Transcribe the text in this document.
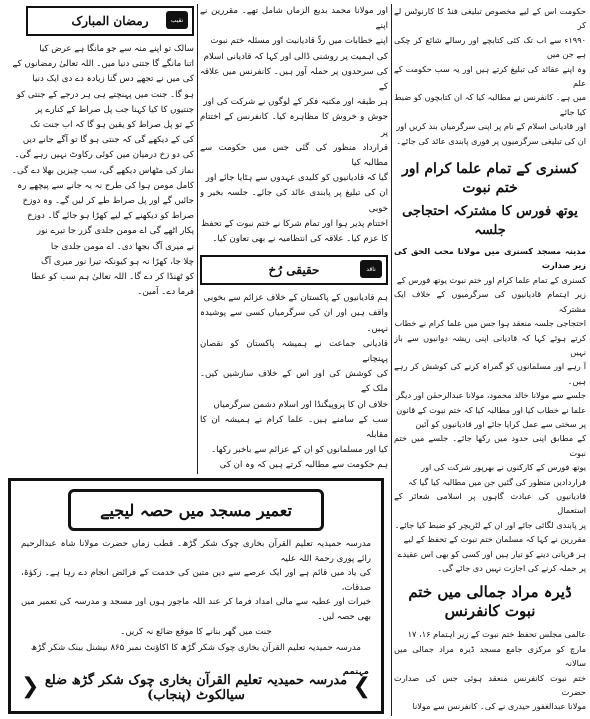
حکومت اس کے لیے مخصوص تبلیغی فنڈ کا کارنوٹس لے کر

۱۹۹۰ء سے اب تک کئی کتابچے اور رسالے شائع کر چکی ہے جن میں

وہ اپنے عقائد کی تبلیغ کرتے ہیں اور یہ سب حکومت کے علم

میں ہے۔ کانفرنس نے مطالبہ کیا کہ ان کتابچوں کو ضبط کیا جائے

اور قادیانی اسلام کے نام پر اپنی سرگرمیاں بند کریں اور

ان کی تبلیغی سرگرمیوں پر فوری پابندی عائد کی جائے۔

کسنری کے تمام علما کرام اور ختم نبوت
یوتھ فورس کا مشترکہ احتجاجی جلسہ

مدینہ مسجد کسنری میں مولانا محب الحق کی زیر صدارت

کسنری کے تمام علما کرام اور ختم نبوت یوتھ فورس کے

زیر اہتمام قادیانیوں کی سرگرمیوں کے خلاف ایک مشترکہ

احتجاجی جلسہ منعقد ہوا جس میں علما کرام نے خطاب

کرتے ہوئے کہا کہ قادیانی اپنی ریشہ دوانیوں سے باز نہیں

آ رہے اور مسلمانوں کو گمراہ کرنے کی کوشش کر رہے ہیں۔

جلسے سے مولانا خالد محمود، مولانا عبدالرحمٰن اور دیگر

علما نے خطاب کیا اور مطالبہ کیا کہ ختم نبوت کے قانون

پر سختی سے عمل کرایا جائے اور قادیانیوں کو آئین

کے مطابق اپنی حدود میں رکھا جائے۔ جلسے میں ختم نبوت

یوتھ فورس کے کارکنوں نے بھرپور شرکت کی اور

قراردادیں منظور کی گئیں جن میں مطالبہ کیا گیا کہ

قادیانیوں کی عبادت گاہوں پر اسلامی شعائر کے استعمال

پر پابندی لگائی جائے اور ان کے لٹریچر کو ضبط کیا جائے۔

مقررین نے کہا کہ مسلمان ختم نبوت کے تحفظ کے لیے

ہر قربانی دینے کو تیار ہیں اور کسی کو بھی اس عقیدے

پر حملہ کرنے کی اجازت نہیں دی جائے گی۔

ڈیرہ مراد جمالی میں ختم نبوت کانفرنس

عالمی مجلس تحفظ ختم نبوت کے زیر اہتمام ۱۶، ۱۷

مارچ کو مرکزی جامع مسجد ڈیرہ مراد جمالی میں سالانہ

ختم نبوت کانفرنس منعقد ہوئی جس کی صدارت حضرت

مولانا عبدالغفور حیدری نے کی۔ کانفرنس سے مولانا

اور مولانا محمد بدیع الزماں شامل تھے۔ مقررین نے اپنے

اپنے خطابات میں ردِّ قادیانیت اور مسئلہ ختم نبوت

کی اہمیت پر روشنی ڈالی اور کہا کہ قادیانی اسلام

کی سرحدوں پر حملہ آور ہیں۔ کانفرنس میں علاقہ کے

ہر طبقہ اور مکتبہ فکر کے لوگوں نے شرکت کی اور

جوش و خروش کا مظاہرہ کیا۔ کانفرنس کے اختتام پر

قرارداد منظور کی گئی جس میں حکومت سے مطالبہ کیا

گیا کہ قادیانیوں کو کلیدی عہدوں سے ہٹایا جائے اور

ان کی تبلیغ پر پابندی عائد کی جائے۔ جلسہ بخیر و خوبی

اختتام پذیر ہوا اور تمام شرکا نے ختم نبوت کے تحفظ

کا عزم کیا۔ علاقہ کی انتظامیہ نے بھی تعاون کیا۔

حقیقی رُخ	ناقد

ہم قادیانیوں کے پاکستان کے خلاف عزائم سے بخوبی

واقف ہیں اور ان کی سرگرمیاں کسی سے پوشیدہ نہیں۔

قادیانی جماعت نے ہمیشہ پاکستان کو نقصان پہنچانے

کی کوشش کی اور اس کے خلاف سازشیں کیں۔ ملک کے

خلاف ان کا پروپیگنڈا اور اسلام دشمن سرگرمیاں

سب کے سامنے ہیں۔ علما کرام نے ہمیشہ ان کا مقابلہ

کیا اور مسلمانوں کو ان کے عزائم سے باخبر رکھا۔

ہم حکومت سے مطالبہ کرتے ہیں کہ وہ ان کی

رمضان المبارک	نقیب

سالک تو اپنے منہ سے جو مانگا ہے عرض کیا

اتنا مانگے گا جتنی دنیا میں۔ اللہ تعالیٰ رمضانوں کے

کی میں نے تجھے دس گنا زیادہ دے دی ایک دنیا

ہو گا۔ جنت میں پہنچتے ہی ہر درجے کے جنتی کو

جنتیوں کا کیا کہنا جب پل صراط کے کنارے پر

کے تو پل صراط کو یقین ہو گا کہ اب جنت تک

کی کے دیکھے گی کہ جنتی ہو گا تو آگے جانے دیں

کی دو زخ درمیان میں کوئی رکاوٹ نہیں رہے گی۔

نماز کی مٹھاس دیکھے گی، سب چیزیں بھلا دے گی۔

کامل مومن ہوا کی طرح نہ یہ جانے سے پیچھے رہ

جائیں گے اور پل صراط طے کر لیں گے۔ وہ دوزخ

صراط کو دیکھنے کے لیے کھڑا ہو جائے گا۔ دوزخ

پکار اٹھے گی اے مومن جلدی گزر جا تیرے نور

نے میری آگ بجھا دی۔ اے مومن جلدی جا

چلا جا، کھڑا نہ ہو کیونکہ تیرا نور میری آگ

کو ٹھنڈا کر دے گا۔ اللہ تعالیٰ ہم سب کو عطا

فرما دے۔ آمین۔

تعمیر مسجد میں حصہ لیجیے
مدرسہ حمیدیہ تعلیم القرآن بخاری چوک شکر گڑھ۔ قطب زماں حضرت مولانا شاہ عبدالرحیم رائے پوری رحمۃ اللہ علیہ
کی یاد میں قائم ہے اور ایک عرصے سے دین متین کی خدمت کے فرائض انجام دے رہا ہے۔ زکوٰۃ، صدقات،
خیرات اور عطیہ سے مالی امداد فرما کر عند اللہ ماجور ہوں اور مسجد و مدرسہ کی تعمیر میں بھی حصہ لیں۔
جنت میں گھر بنانے کا موقع ضائع نہ کریں۔
مدرسہ حمیدیہ تعلیم القرآن بخاری چوک شکر گڑھ کا اکاؤنٹ نمبر ۸۶۵ نیشنل بینک شکر گڑھ
مہتمم
❯
مدرسہ حمیدیہ تعلیم القرآن بخاری چوک شکر گڑھ ضلع سیالکوٹ (پنجاب)
❮
